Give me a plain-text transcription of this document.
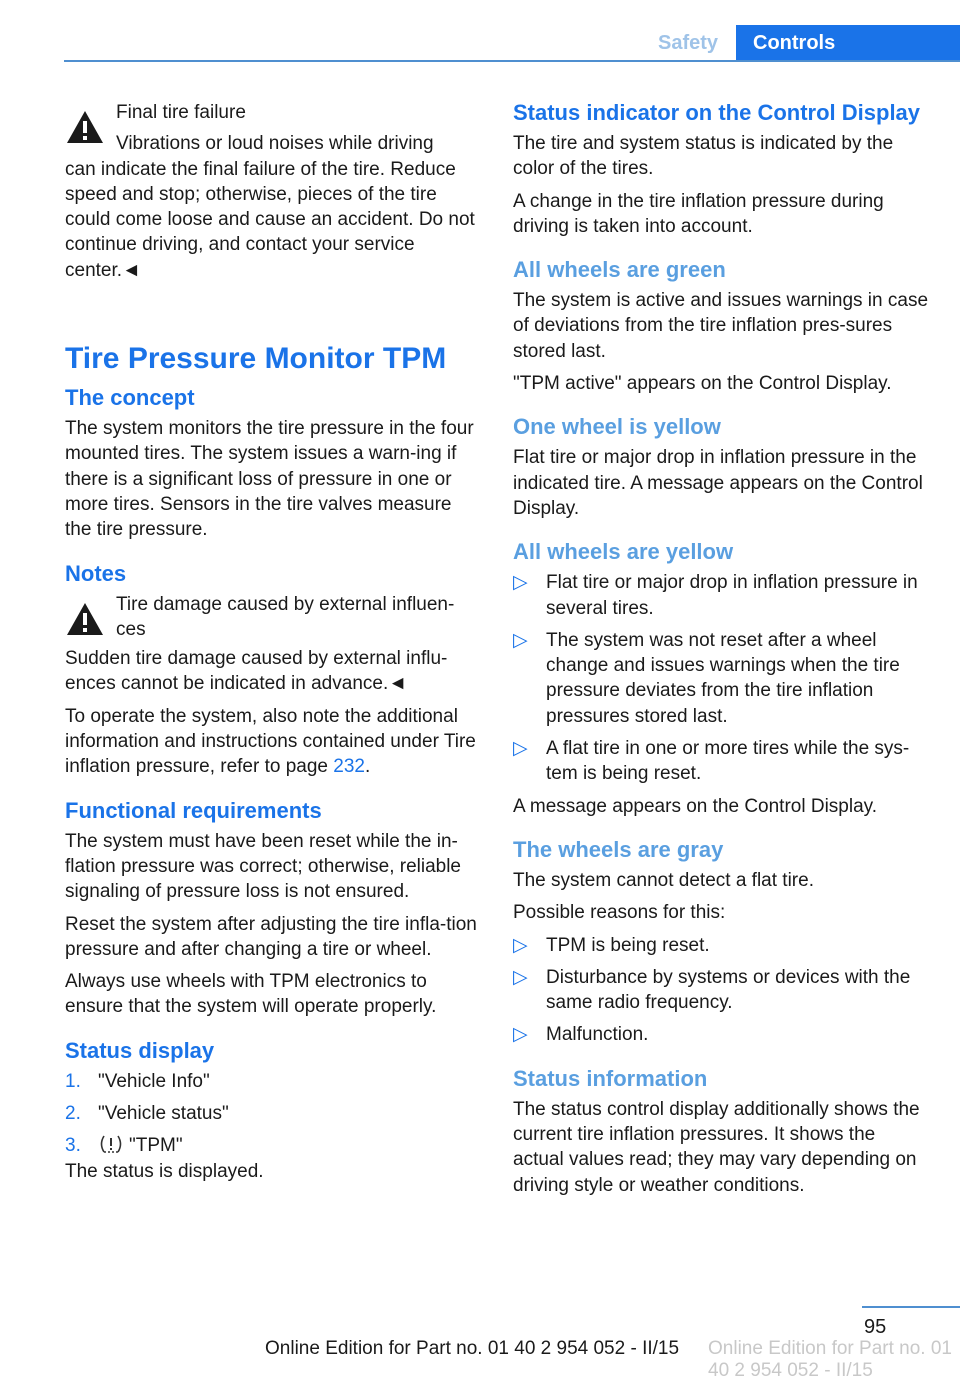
Safety	Controls

Final tire failure

Vibrations or loud noises while driving

can indicate the final failure of the tire. Reduce speed and stop; otherwise, pieces of the tire could come loose and cause an accident. Do not continue driving, and contact your service center.◄

Tire Pressure Monitor TPM
The concept

The system monitors the tire pressure in the four mounted tires. The system issues a warn‐ing if there is a significant loss of pressure in one or more tires. Sensors in the tire valves measure the tire pressure.

Notes

Tire damage caused by external influen‐ces

Sudden tire damage caused by external influ‐ences cannot be indicated in advance.◄

To operate the system, also note the additional information and instructions contained under Tire inflation pressure, refer to page 232.

Functional requirements

The system must have been reset while the in‐flation pressure was correct; otherwise, reliable signaling of pressure loss is not ensured.

Reset the system after adjusting the tire infla‐tion pressure and after changing a tire or wheel.

Always use wheels with TPM electronics to ensure that the system will operate properly.

Status display
1. "Vehicle Info"
2. "Vehicle status"
3.	"TPM"

The status is displayed.

Status indicator on the Control Display

The tire and system status is indicated by the color of the tires.

A change in the tire inflation pressure during driving is taken into account.

All wheels are green

The system is active and issues warnings in case of deviations from the tire inflation pres‐sures stored last.

"TPM active" appears on the Control Display.

One wheel is yellow

Flat tire or major drop in inflation pressure in the indicated tire. A message appears on the Control Display.

All wheels are yellow
▷ Flat tire or major drop in inflation pressure in several tires.
▷ The system was not reset after a wheel change and issues warnings when the tire pressure deviates from the tire inflation pressures stored last.
▷ A flat tire in one or more tires while the sys‐tem is being reset.

A message appears on the Control Display.

The wheels are gray

The system cannot detect a flat tire.

Possible reasons for this:

▷ TPM is being reset.
▷ Disturbance by systems or devices with the same radio frequency.
▷ Malfunction.
Status information

The status control display additionally shows the current tire inflation pressures. It shows the actual values read; they may vary depending on driving style or weather conditions.

95
Online Edition for Part no. 01 40 2 954 052 - II/15 Online Edition for Part no. 01 40 2 954 052 - II/15
